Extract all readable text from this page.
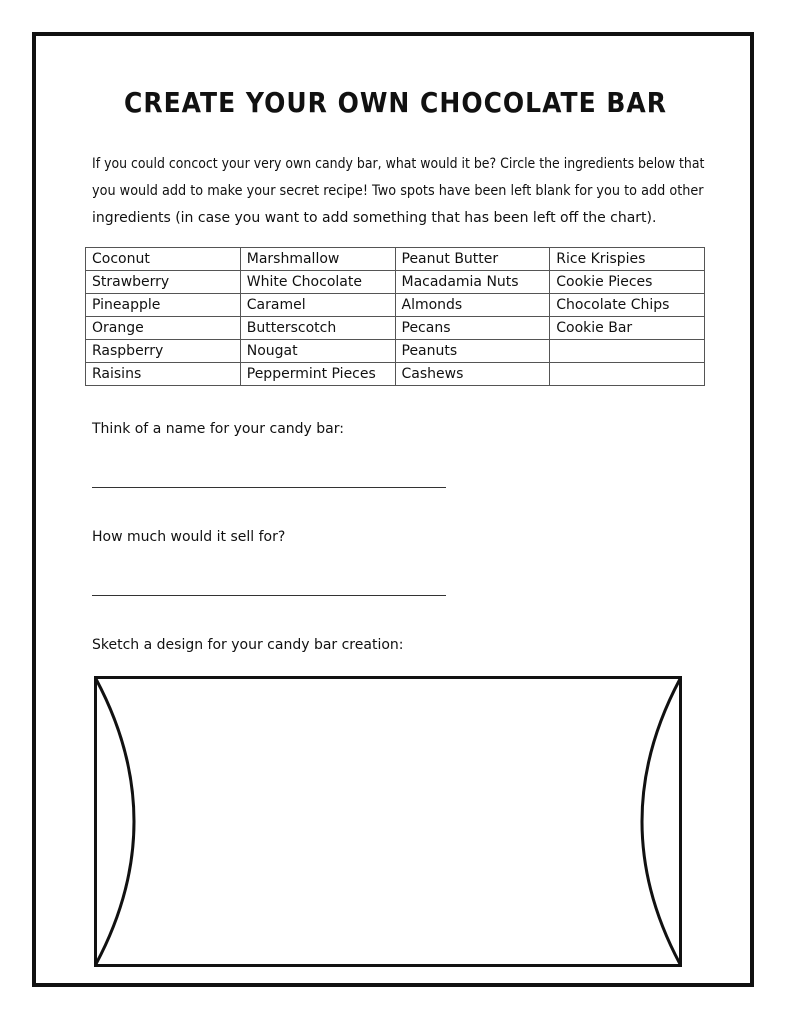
CREATE YOUR OWN CHOCOLATE BAR
If you could concoct your very own candy bar, what would it be? Circle the ingredients below that
you would add to make your secret recipe! Two spots have been left blank for you to add other
ingredients (in case you want to add something that has been left off the chart).
Coconut	Marshmallow	Peanut Butter	Rice Krispies
Strawberry	White Chocolate	Macadamia Nuts	Cookie Pieces
Pineapple	Caramel	Almonds	Chocolate Chips
Orange	Butterscotch	Pecans	Cookie Bar
Raspberry	Nougat	Peanuts	
Raisins	Peppermint Pieces	Cashews	
Think of a name for your candy bar:
How much would it sell for?
Sketch a design for your candy bar creation:
